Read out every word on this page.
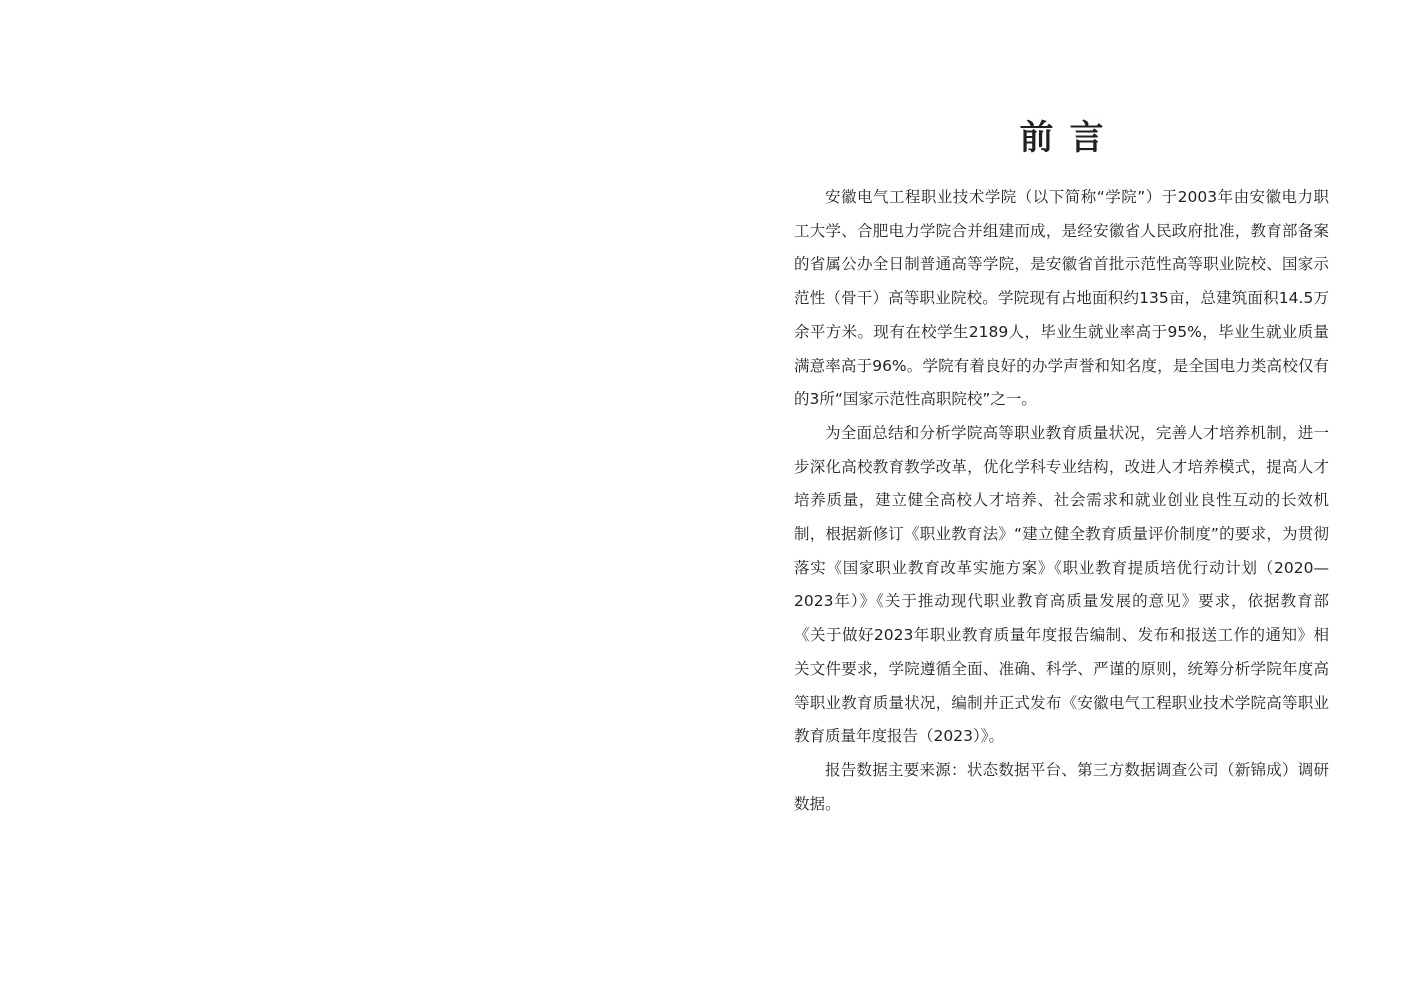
前言

安徽电气工程职业技术学院（以下简称“学院”）于2003年由安徽电力职工大学、合肥电力学院合并组建而成，是经安徽省人民政府批准，教育部备案的省属公办全日制普通高等学院，是安徽省首批示范性高等职业院校、国家示范性（骨干）高等职业院校。学院现有占地面积约135亩，总建筑面积14.5万余平方米。现有在校学生2189人，毕业生就业率高于95%，毕业生就业质量满意率高于96%。学院有着良好的办学声誉和知名度，是全国电力类高校仅有的3所“国家示范性高职院校”之一。

为全面总结和分析学院高等职业教育质量状况，完善人才培养机制，进一步深化高校教育教学改革，优化学科专业结构，改进人才培养模式，提高人才培养质量，建立健全高校人才培养、社会需求和就业创业良性互动的长效机制，根据新修订《职业教育法》“建立健全教育质量评价制度”的要求，为贯彻落实《国家职业教育改革实施方案》《职业教育提质培优行动计划（2020—2023年）》《关于推动现代职业教育高质量发展的意见》要求，依据教育部《关于做好2023年职业教育质量年度报告编制、发布和报送工作的通知》相关文件要求，学院遵循全面、准确、科学、严谨的原则，统筹分析学院年度高等职业教育质量状况，编制并正式发布《安徽电气工程职业技术学院高等职业教育质量年度报告（2023）》。

报告数据主要来源：状态数据平台、第三方数据调查公司（新锦成）调研数据。
